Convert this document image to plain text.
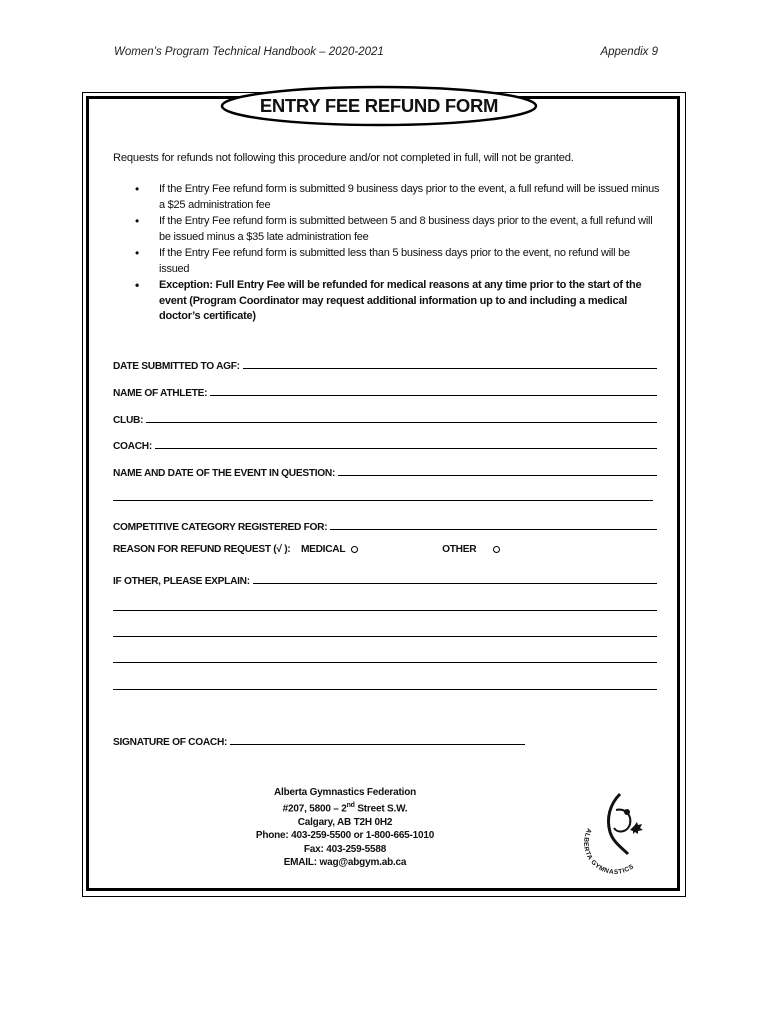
Women’s Program Technical Handbook – 2020-2021	Appendix 9
ENTRY FEE REFUND FORM
Requests for refunds not following this procedure and/or not completed in full, will not be granted.
• If the Entry Fee refund form is submitted 9 business days prior to the event, a full refund will be issued minus a $25 administration fee
• If the Entry Fee refund form is submitted between 5 and 8 business days prior to the event, a full refund will be issued minus a $35 late administration fee
• If the Entry Fee refund form is submitted less than 5 business days prior to the event, no refund will be issued
• Exception: Full Entry Fee will be refunded for medical reasons at any time prior to the start of the event (Program Coordinator may request additional information up to and including a medical doctor’s certificate)
DATE SUBMITTED TO AGF:
NAME OF ATHLETE:
CLUB:
COACH:
NAME AND DATE OF THE EVENT IN QUESTION:
COMPETITIVE CATEGORY REGISTERED FOR:
REASON FOR REFUND REQUEST (√ ): MEDICAL	OTHER
IF OTHER, PLEASE EXPLAIN:
SIGNATURE OF COACH:
Alberta Gymnastics Federation
#207, 5800 – 2nd Street S.W.
Calgary, AB T2H 0H2
Phone: 403-259-5500 or 1-800-665-1010
Fax: 403-259-5588
EMAIL: wag@abgym.ab.ca
ALBERTA GYMNASTICS
